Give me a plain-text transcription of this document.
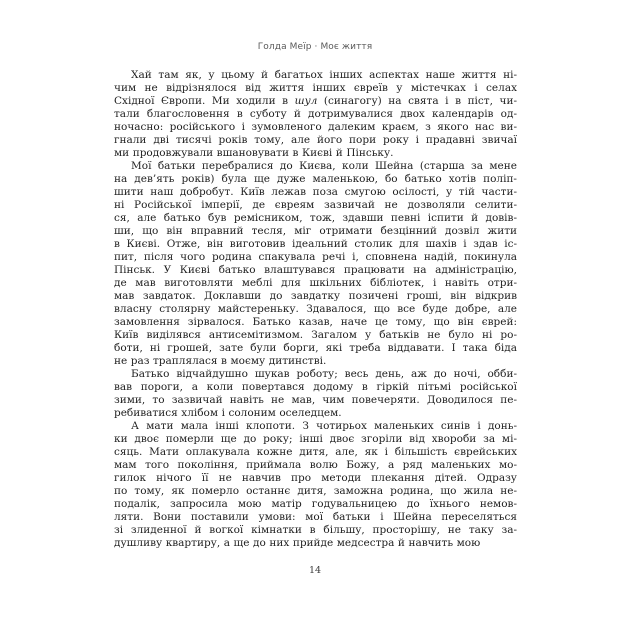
Голда Меїр · Моє життя
Хай там як, у цьому й багатьох інших аспектах наше життя ні-
чим не відрізнялося від життя інших євреїв у містечках і селах
Східної Європи. Ми ходили в шул (синагогу) на свята і в піст, чи-
тали благословення в суботу й дотримувалися двох календарів од-
ночасно: російського і зумовленого далеким краєм, з якого нас ви-
гнали дві тисячі років тому, але його пори року і прадавні звичаї
ми продовжували вшановувати в Києві й Пінську.
Мої батьки перебралися до Києва, коли Шейна (старша за мене
на дев’ять років) була ще дуже маленькою, бо батько хотів поліп-
шити наш добробут. Київ лежав поза смугою осілості, у тій части-
ні Російської імперії, де євреям зазвичай не дозволяли селити-
ся, але батько був ремісником, тож, здавши певні іспити й довів-
ши, що він вправний тесля, міг отримати безцінний дозвіл жити
в Києві. Отже, він виготовив ідеальний столик для шахів і здав іс-
пит, після чого родина спакувала речі і, сповнена надій, покинула
Пінськ. У Києві батько влаштувався працювати на адміністрацію,
де мав виготовляти меблі для шкільних бібліотек, і навіть отри-
мав завдаток. Доклавши до завдатку позичені гроші, він відкрив
власну столярну майстереньку. Здавалося, що все буде добре, але
замовлення зірвалося. Батько казав, наче це тому, що він єврей:
Київ виділявся антисемітизмом. Загалом у батьків не було ні ро-
боти, ні грошей, зате були борги, які треба віддавати. І така біда
не раз траплялася в моєму дитинстві.
Батько відчайдушно шукав роботу; весь день, аж до ночі, обби-
вав пороги, а коли повертався додому в гіркій пітьмі російської
зими, то зазвичай навіть не мав, чим повечеряти. Доводилося пе-
ребиватися хлібом і солоним оселедцем.
А мати мала інші клопоти. З чотирьох маленьких синів і донь-
ки двоє померли ще до року; інші двоє згоріли від хвороби за мі-
сяць. Мати оплакувала кожне дитя, але, як і більшість єврейських
мам того покоління, приймала волю Божу, а ряд маленьких мо-
гилок нічого її не навчив про методи плекання дітей. Одразу
по тому, як померло останнє дитя, заможна родина, що жила не-
подалік, запросила мою матір годувальницею до їхнього немов-
ляти. Вони поставили умови: мої батьки і Шейна переселяться
зі злиденної й вогкої кімнатки в більшу, просторішу, не таку за-
душливу квартиру, а ще до них прийде медсестра й навчить мою
14
